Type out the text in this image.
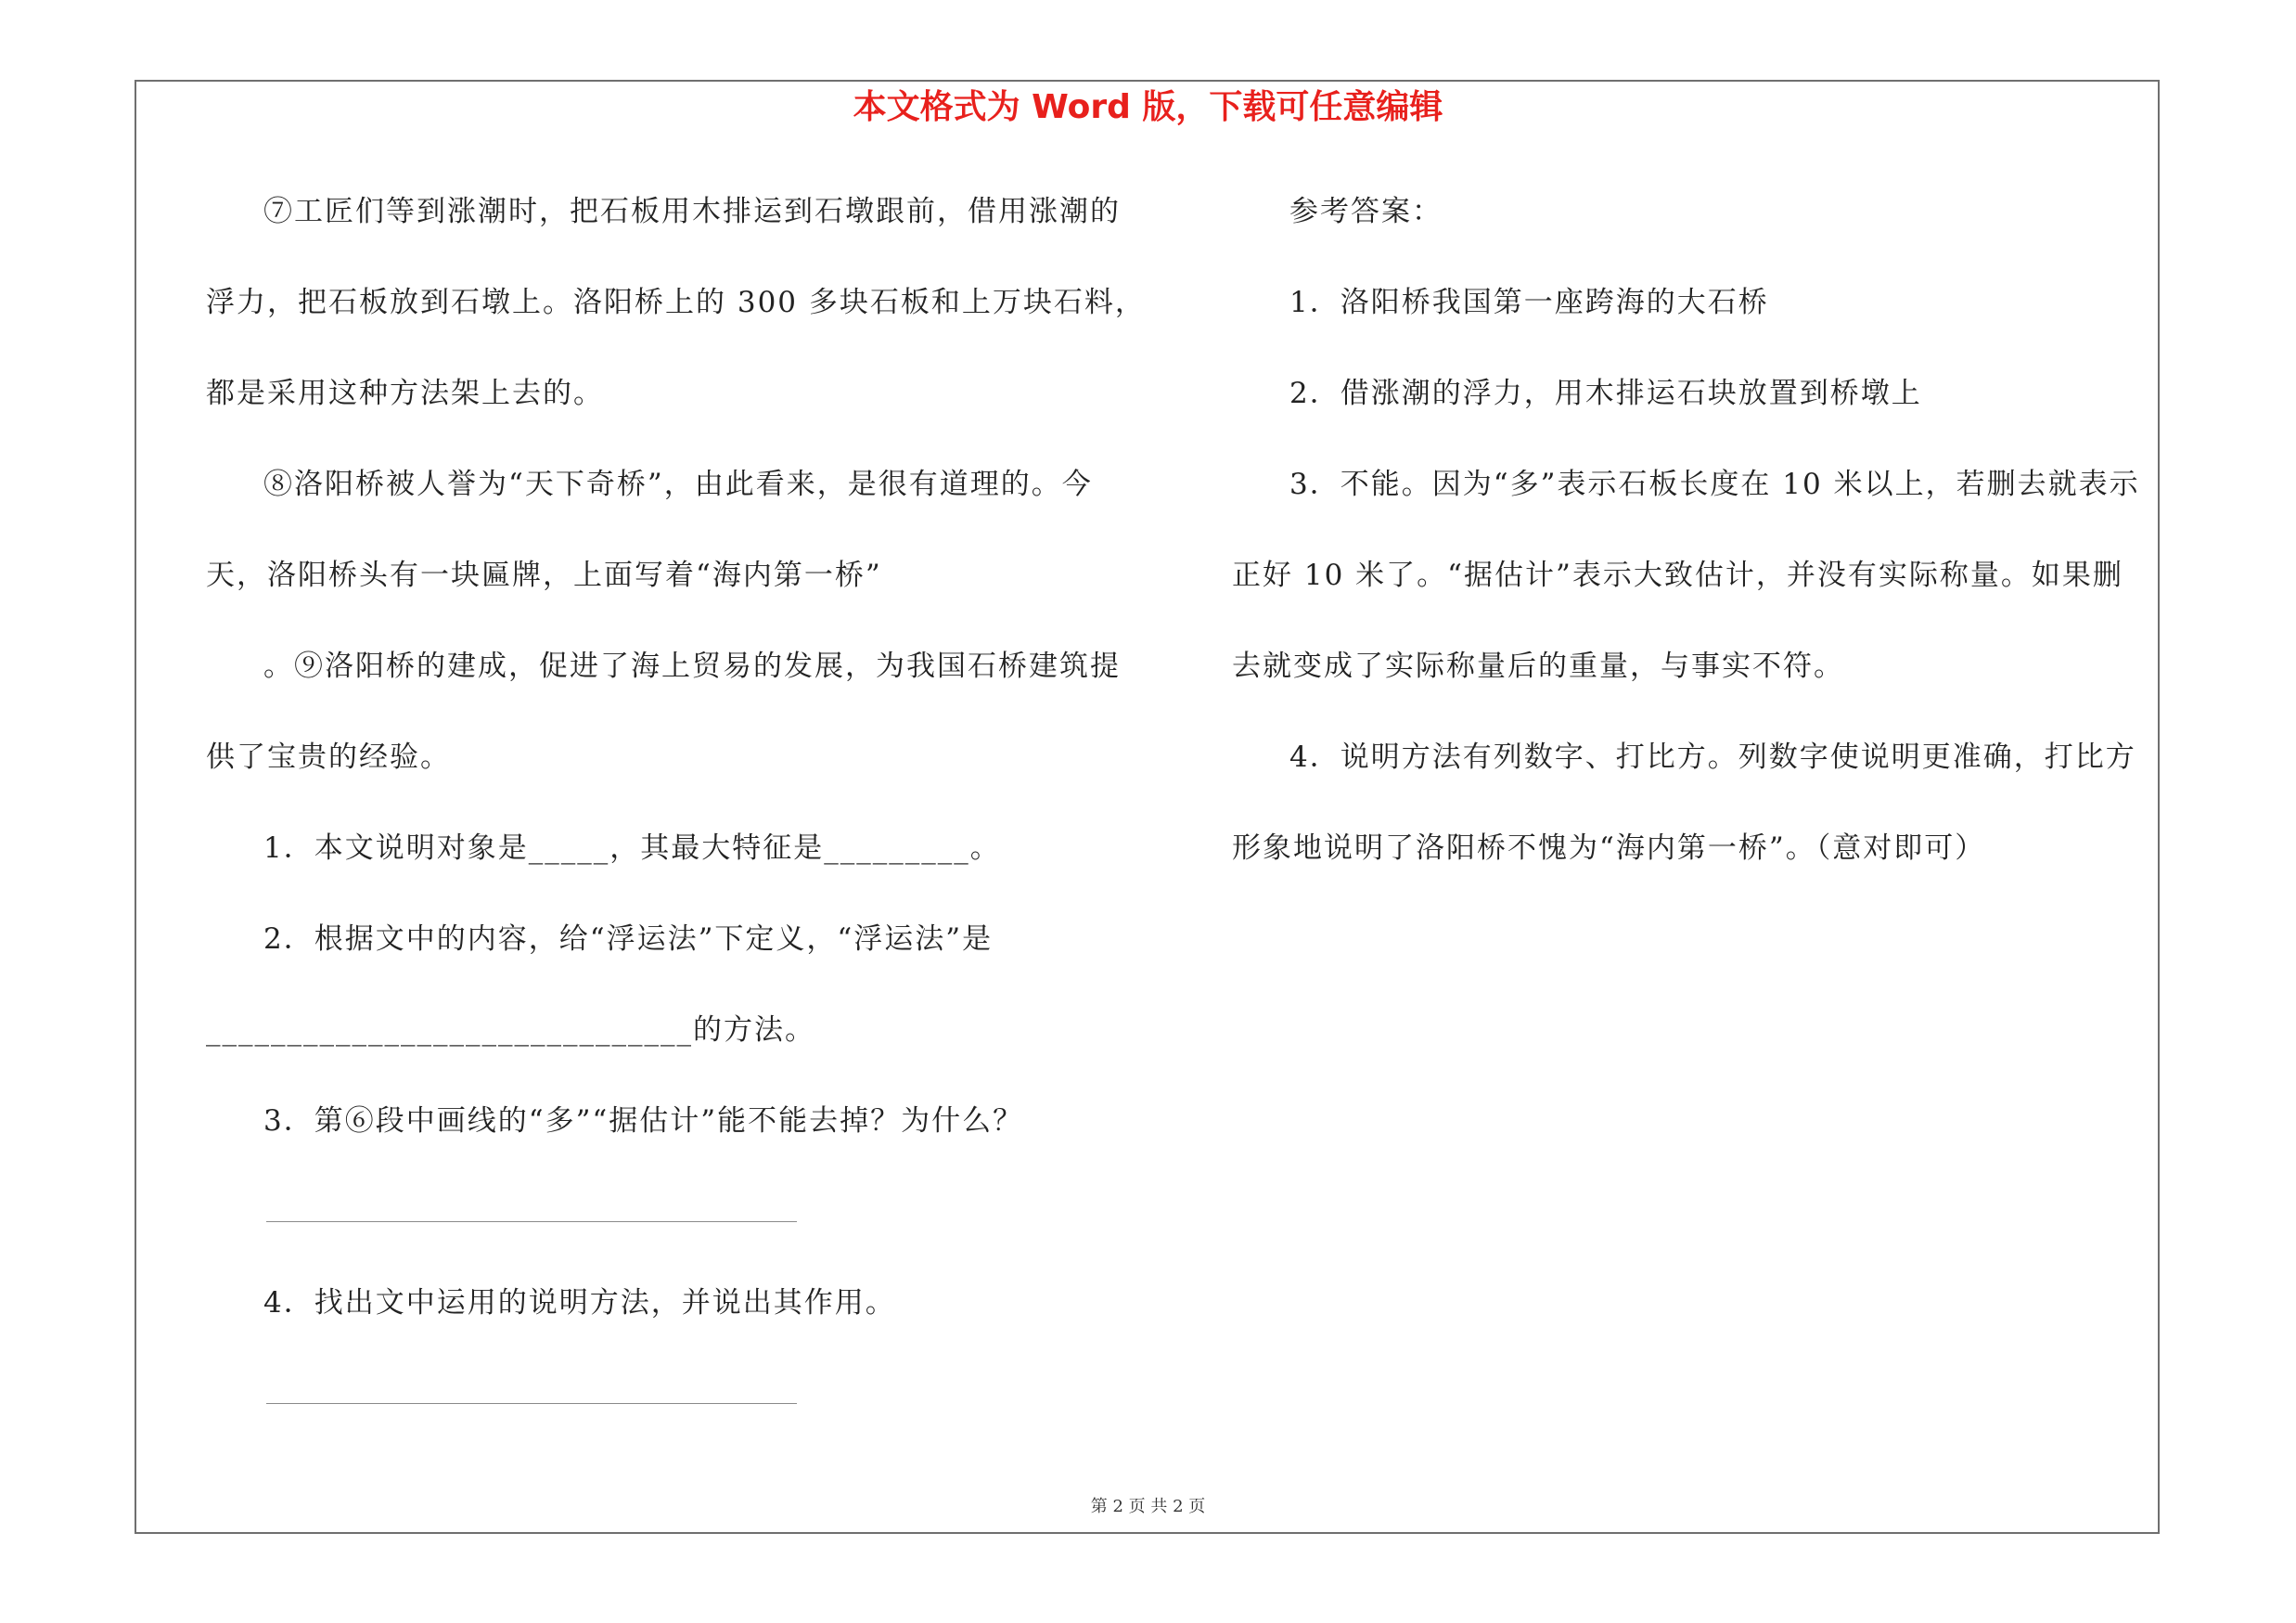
本文格式为 Word 版，下载可任意编辑
⑦工匠们等到涨潮时，把石板用木排运到石墩跟前，借用涨潮的
浮力，把石板放到石墩上。洛阳桥上的 300 多块石板和上万块石料，
都是采用这种方法架上去的。
⑧洛阳桥被人誉为“天下奇桥”，由此看来，是很有道理的。今
天，洛阳桥头有一块匾牌，上面写着“海内第一桥”
。⑨洛阳桥的建成，促进了海上贸易的发展，为我国石桥建筑提
供了宝贵的经验。
1．本文说明对象是_____，其最大特征是_________。
2．根据文中的内容，给“浮运法”下定义，“浮运法”是
______________________________的方法。
3．第⑥段中画线的“多”“据估计”能不能去掉？为什么？
4．找出文中运用的说明方法，并说出其作用。
参考答案：
1．洛阳桥我国第一座跨海的大石桥
2．借涨潮的浮力，用木排运石块放置到桥墩上
3．不能。因为“多”表示石板长度在 10 米以上，若删去就表示
正好 10 米了。“据估计”表示大致估计，并没有实际称量。如果删
去就变成了实际称量后的重量，与事实不符。
4．说明方法有列数字、打比方。列数字使说明更准确，打比方
形象地说明了洛阳桥不愧为“海内第一桥”。（意对即可）
第 2 页 共 2 页
